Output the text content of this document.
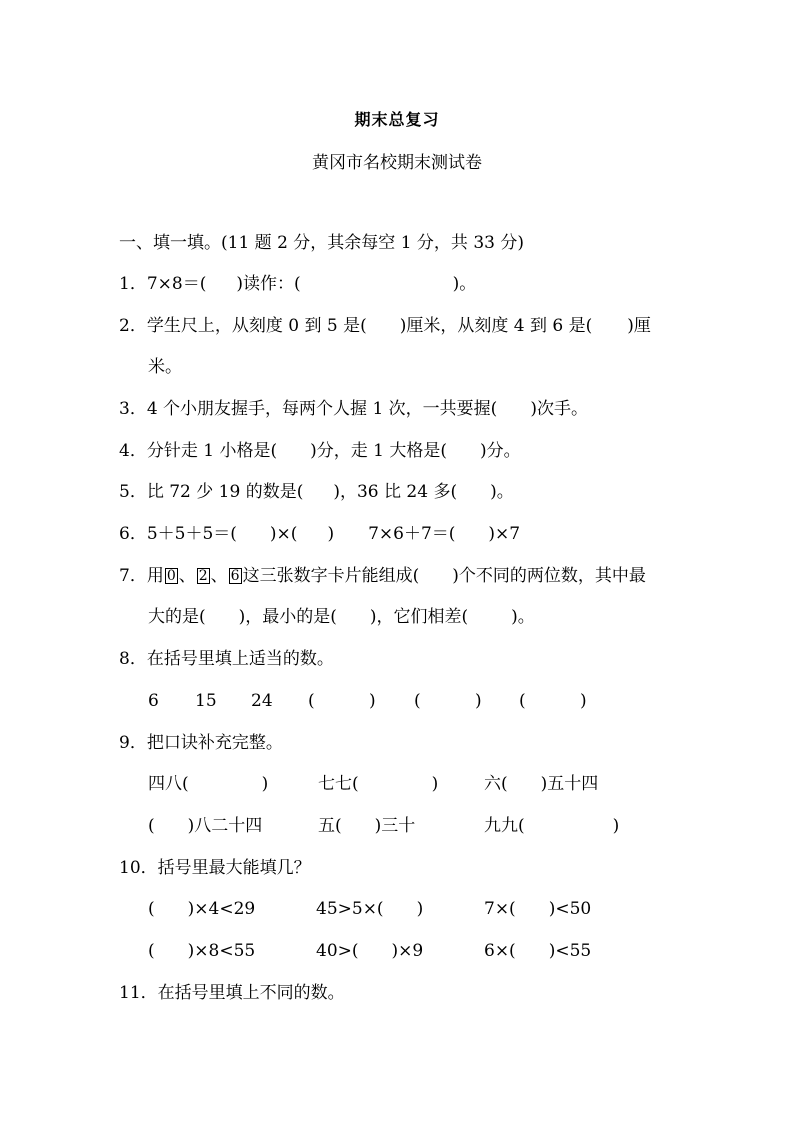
期末总复习
黄冈市名校期末测试卷
一、填一填。(11 题 2 分，其余每空 1 分，共 33 分)
1．7×8＝( )读作：(	)。
2．学生尺上，从刻度 0 到 5 是( )厘米，从刻度 4 到 6 是( )厘
米。
3．4 个小朋友握手，每两个人握 1 次，一共要握( )次手。
4．分针走 1 小格是( )分，走 1 大格是( )分。
5．比 72 少 19 的数是( )，36 比 24 多( )。
6．5＋5＋5＝( )×( ) 7×6＋7＝( )×7
7．用 0 、 2 、 6 这三张数字卡片能组成( )个不同的两位数，其中最
大的是( )，最小的是( )，它们相差(	)。
8．在括号里填上适当的数。
6 15 24 (	) (	) (	)
9．把口诀补充完整。
四八(	)	七七(	)	六( )五十四
( )八二十四	五( )三十	九九(	)
10．括号里最大能填几？
( )×4<29	45>5×( )	7×( )<50
( )×8<55	40>( )×9	6×( )<55
11．在括号里填上不同的数。
